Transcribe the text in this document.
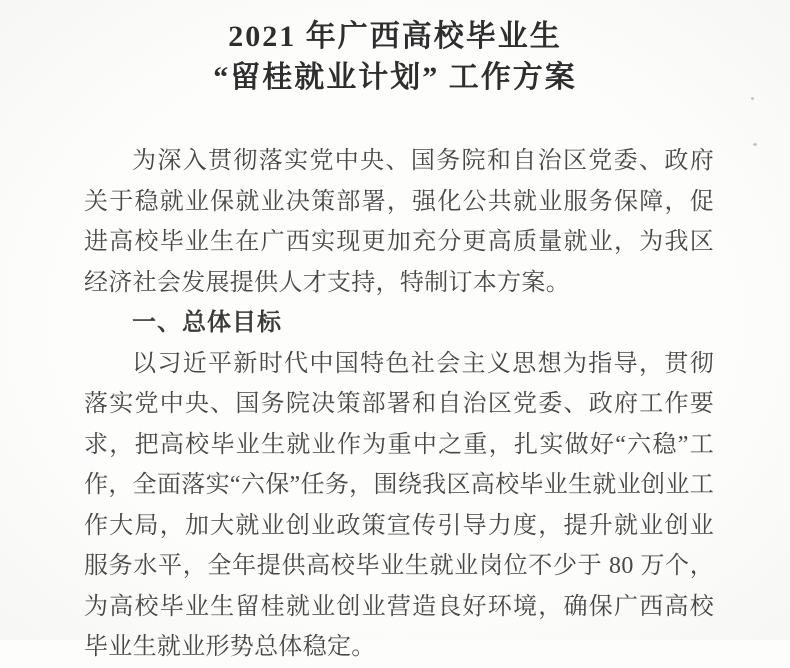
2021 年广西高校毕业生
“留桂就业计划” 工作方案

为深入贯彻落实党中央、国务院和自治区党委、政府关于稳就业保就业决策部署，强化公共就业服务保障，促进高校毕业生在广西实现更加充分更高质量就业，为我区经济社会发展提供人才支持，特制订本方案。

一、总体目标

以习近平新时代中国特色社会主义思想为指导，贯彻落实党中央、国务院决策部署和自治区党委、政府工作要求，把高校毕业生就业作为重中之重，扎实做好“六稳”工作，全面落实“六保”任务，围绕我区高校毕业生就业创业工作大局，加大就业创业政策宣传引导力度，提升就业创业服务水平，全年提供高校毕业生就业岗位不少于 80 万个，为高校毕业生留桂就业创业营造良好环境，确保广西高校毕业生就业形势总体稳定。
